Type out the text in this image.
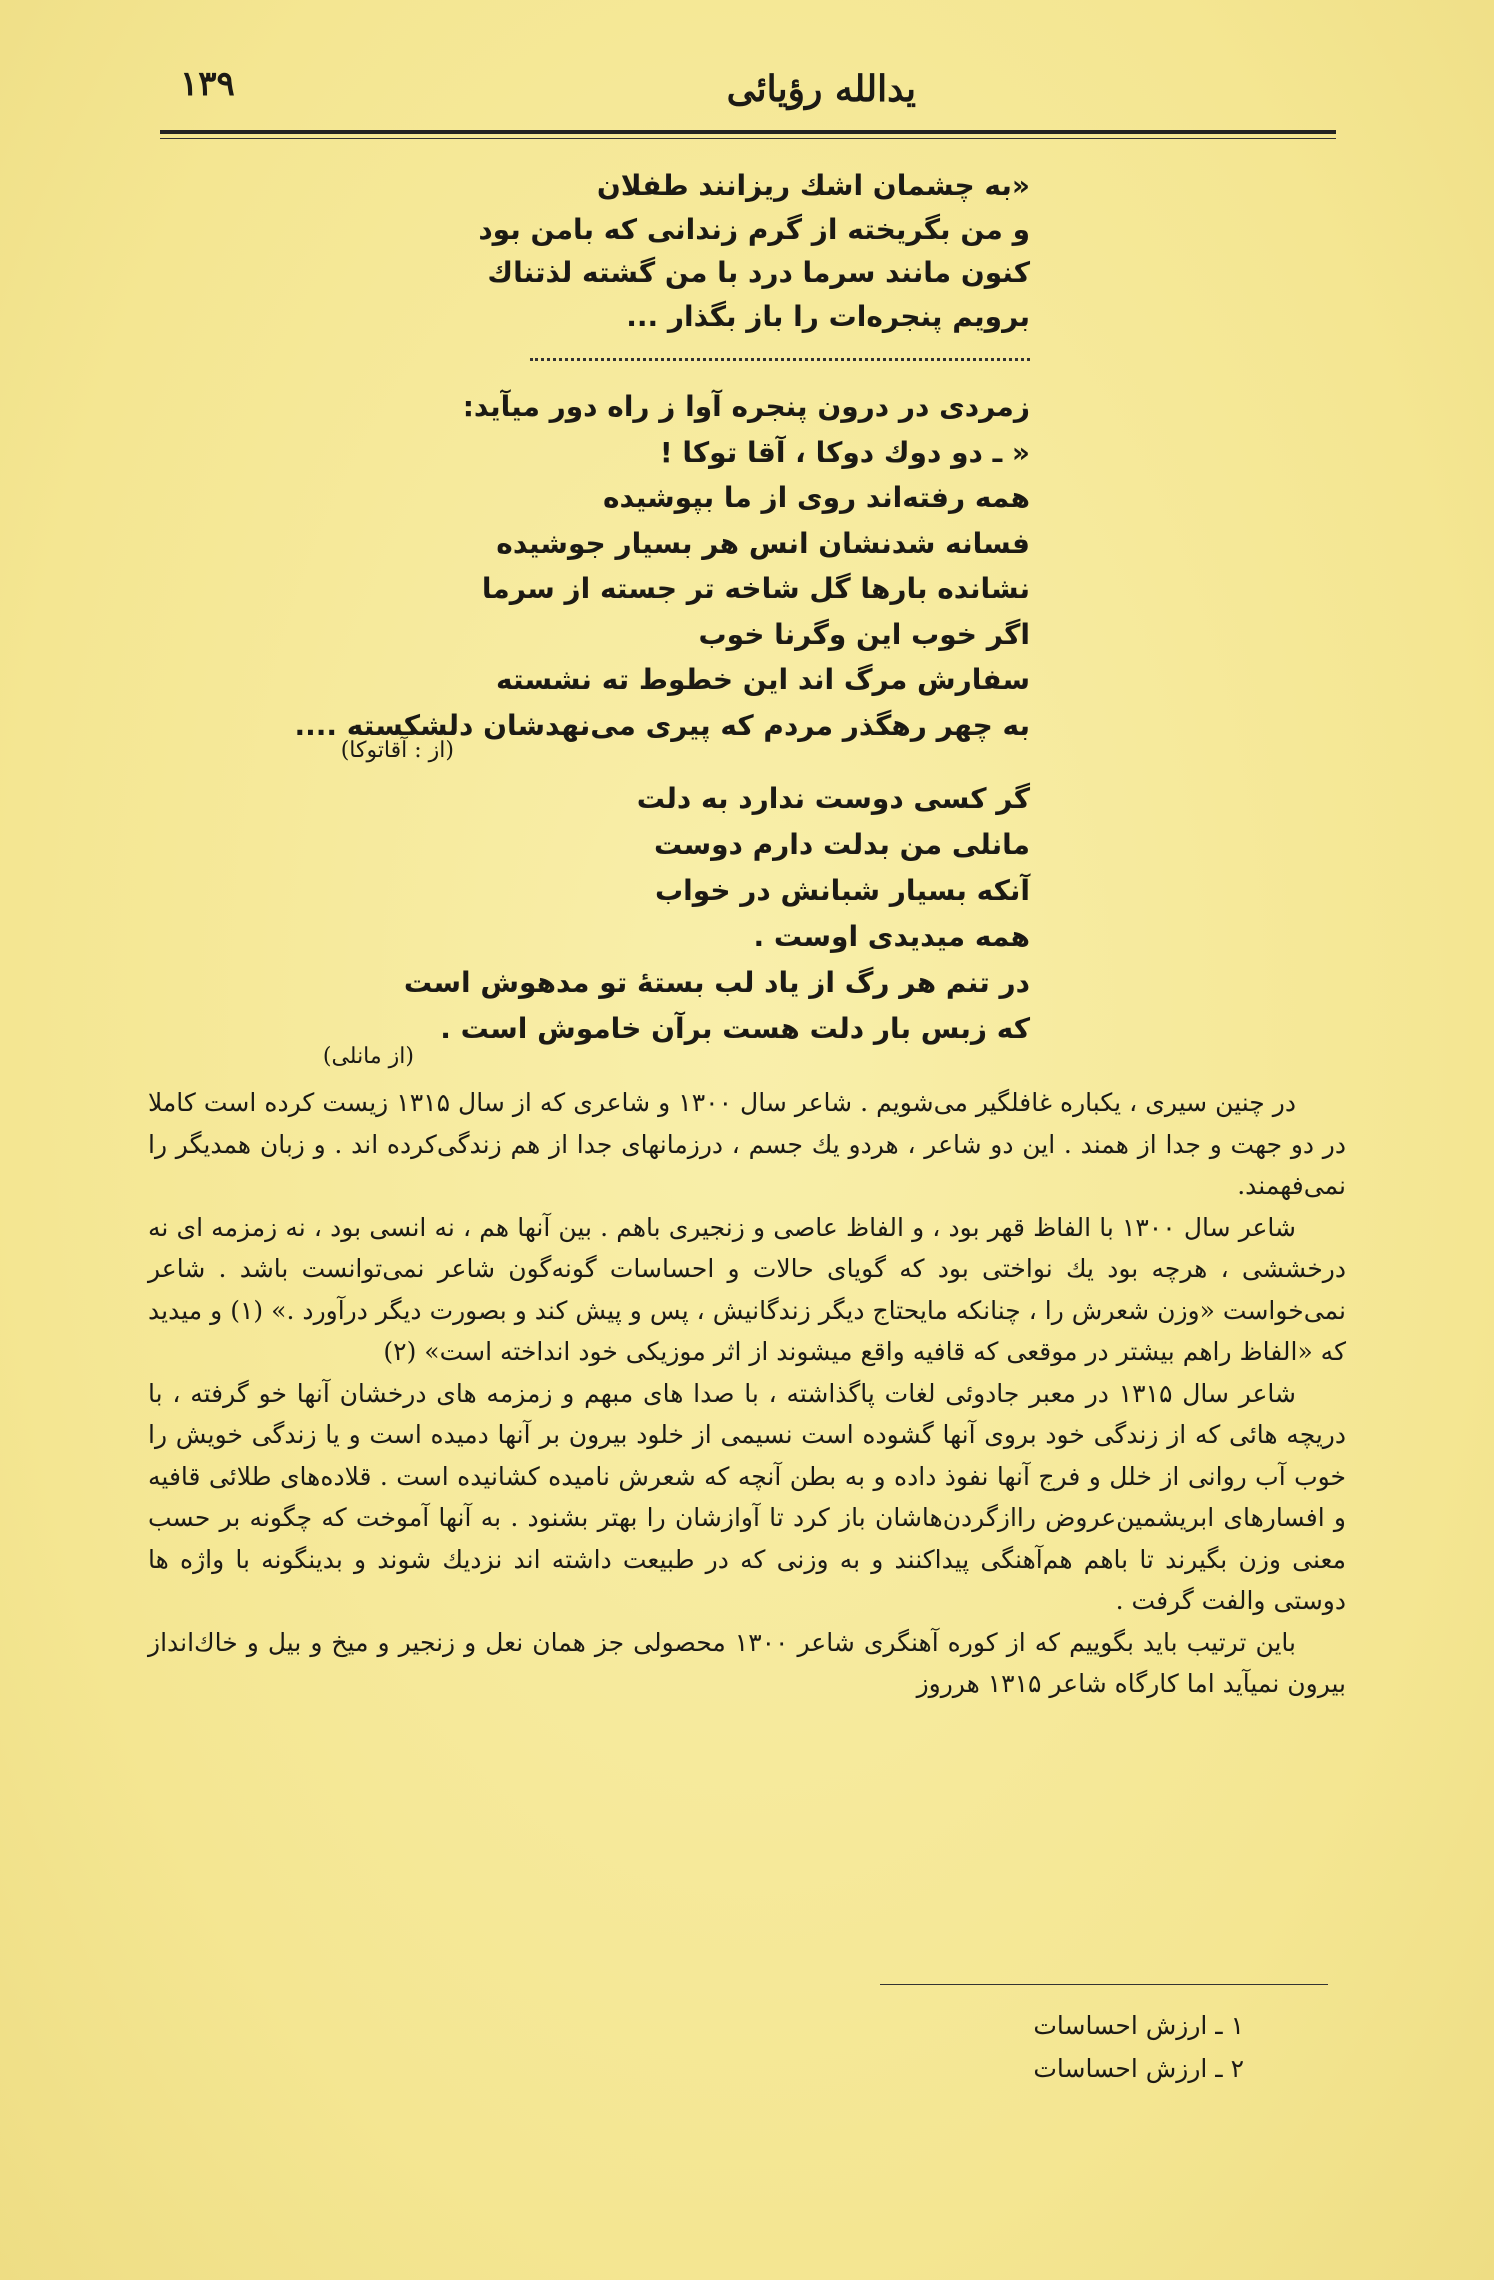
یدالله رؤیائی
۱۳۹
«به چشمان اشك ریزانند طفلان
و من بگریخته از گرم زندانی كه بامن بود
كنون مانند سرما درد با من گشته لذتناك
برویم پنجره‌ات را باز بگذار ...
زمردی در درون پنجره آوا ز راه دور میآید:
« ـ دو دوك دوكا ، آقا توكا !
همه رفته‌اند روی از ما بپوشیده
فسانه شدنشان انس هر بسیار جوشیده
نشانده بارها گل شاخه تر جسته از سرما
اگر خوب این وگرنا خوب
سفارش مرگ اند این خطوط ته نشسته
به چهر رهگذر مردم كه پیری می‌نهدشان دلشكسته ....
(از : آقاتوكا)
گر كسی دوست ندارد به دلت
مانلی من بدلت دارم دوست
آنكه بسیار شبانش در خواب
همه میدیدی اوست .
در تنم هر رگ از یاد لب بستهٔ تو مدهوش است
كه زبس بار دلت هست برآن خاموش است .
(از مانلی)

در چنین سیری ، یكباره غافلگیر می‌شویم . شاعر سال ۱۳۰۰ و شاعری كه از سال ۱۳۱۵ زیست كرده است كاملا در دو جهت و جدا از همند . این دو شاعر ، هردو یك جسم ، درزمانهای جدا از هم زندگی‌كرده اند . و زبان همدیگر را نمی‌فهمند.

شاعر سال ۱۳۰۰ با الفاظ قهر بود ، و الفاظ عاصی و زنجیری باهم . بین آنها هم ، نه انسی بود ، نه زمزمه ای نه درخششی ، هرچه بود یك نواختی بود كه گویای حالات و احساسات گونه‌گون شاعر نمی‌توانست باشد . شاعر نمی‌خواست «وزن شعرش را ، چنانكه مایحتاج دیگر زندگانیش ، پس و پیش كند و بصورت دیگر درآورد .» (۱) و میدید كه «الفاظ راهم بیشتر در موقعی كه قافیه واقع میشوند از اثر موزیكی خود انداخته است» (۲)

شاعر سال ۱۳۱۵ در معبر جادوئی لغات پاگذاشته ، با صدا های مبهم و زمزمه های درخشان آنها خو گرفته ، با دریچه هائی كه از زندگی خود بروی آنها گشوده است نسیمی از خلود بیرون بر آنها دمیده است و یا زندگی خویش را خوب آب روانی از خلل و فرج آنها نفوذ داده و به بطن آنچه كه شعرش نامیده كشانیده است . قلاده‌های طلائی قافیه و افسارهای ابریشمین‌عروض رااز‌گردن‌هاشان باز كرد تا آوازشان را بهتر بشنود . به آنها آموخت كه چگونه بر حسب معنی وزن بگیرند تا باهم هم‌آهنگی پیداكنند و به وزنی كه در طبیعت داشته اند نزدیك شوند و بدینگونه با واژه ها دوستی والفت گرفت .

باین ترتیب باید بگوییم كه از كوره آهنگری شاعر ۱۳۰۰ محصولی جز همان نعل و زنجیر و میخ و بیل و خاك‌انداز بیرون نمیآید اما كارگاه شاعر ۱۳۱۵ هرروز

۱ ـ ارزش احساسات
۲ ـ ارزش احساسات
